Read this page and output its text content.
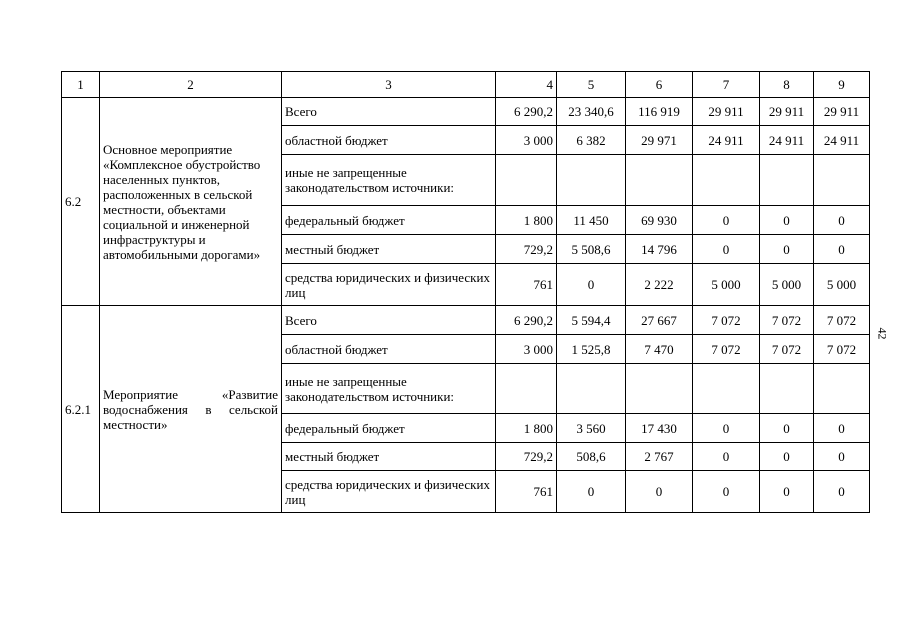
1	2	3	4	5	6	7	8	9
6.2	Основное мероприятие «Комплексное обустройство населенных пунктов, расположенных в сельской местности, объектами социальной и инженерной инфраструктуры и автомобильными дорогами»	Всего	6 290,2	23 340,6	116 919	29 911	29 911	29 911
		областной бюджет	3 000	6 382	29 971	24 911	24 911	24 911
		иные не запрещенные законодательством источники:						
		федеральный бюджет	1 800	11 450	69 930	0	0	0
		местный бюджет	729,2	5 508,6	14 796	0	0	0
		средства юридических и физических лиц	761	0	2 222	5 000	5 000	5 000
6.2.1	Мероприятие «Развитие водоснабжения в сельской местности»	Всего	6 290,2	5 594,4	27 667	7 072	7 072	7 072
		областной бюджет	3 000	1 525,8	7 470	7 072	7 072	7 072
		иные не запрещенные законодательством источники:						
		федеральный бюджет	1 800	3 560	17 430	0	0	0
		местный бюджет	729,2	508,6	2 767	0	0	0
		средства юридических и физических лиц	761	0	0	0	0	0
42
